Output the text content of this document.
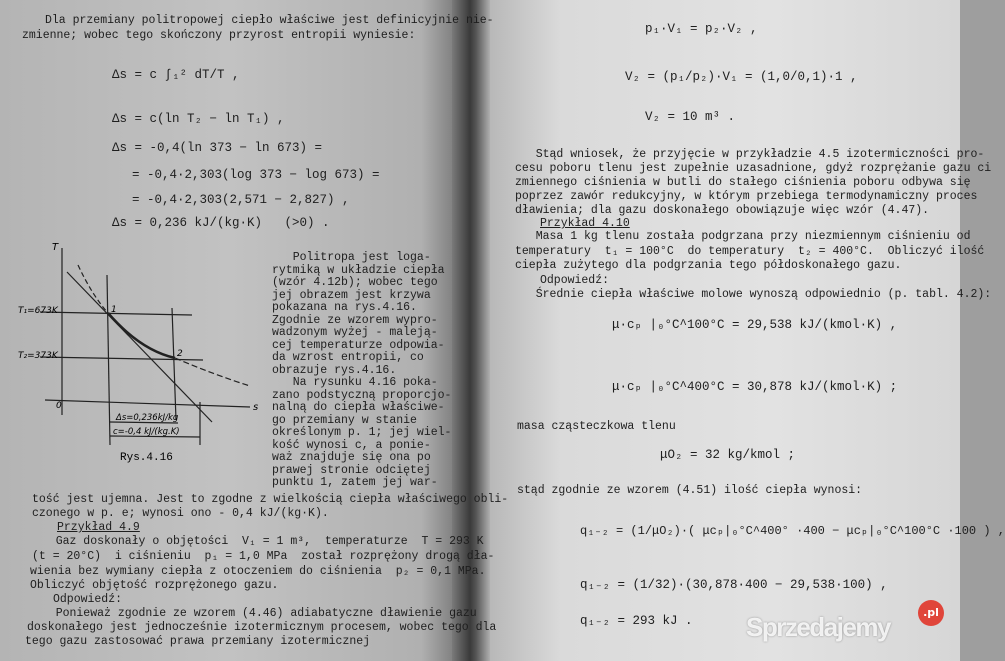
Dla przemiany politropowej ciepło właściwe jest definicyjnie nie-
zmienne; wobec tego skończony przyrost entropii wyniesie:
Δs = c ∫₁² dT/T ,
Δs = c(ln T₂ − ln T₁) ,
Δs = -0,4(ln 373 − ln 673) =
= -0,4·2,303(log 373 − log 673) =
= -0,4·2,303(2,571 − 2,827) ,
Δs = 0,236 kJ/(kg·K)   (>0) .
T
s
0
T₁=673K
T₂=373K
1
2
Δs=0,236kJ/kg
c=-0,4 kJ/(kg.K)
Rys.4.16
Politropa jest loga-
rytmiką w układzie ciepła
(wzór 4.12b); wobec tego
jej obrazem jest krzywa
pokazana na rys.4.16.
Zgodnie ze wzorem wypro-
wadzonym wyżej - maleją-
cej temperaturze odpowia-
da wzrost entropii, co
obrazuje rys.4.16.
Na rysunku 4.16 poka-
zano podstyczną proporcjo-
nalną do ciepła właściwe-
go przemiany w stanie
określonym p. 1; jej wiel-
kość wynosi c, a ponie-
waż znajduje się ona po
prawej stronie odciętej
punktu 1, zatem jej war-
tość jest ujemna. Jest to zgodne z wielkością ciepła właściwego obli-
czonego w p. e; wynosi ono - 0,4 kJ/(kg·K).
Przykład 4.9
Gaz doskonały o objętości  V₁ = 1 m³,  temperaturze  T = 293 K
(t = 20°C)  i ciśnieniu  p₁ = 1,0 MPa  został rozprężony drogą dła-
wienia bez wymiany ciepła z otoczeniem do ciśnienia  p₂ = 0,1 MPa.
Obliczyć objętość rozprężonego gazu.
Odpowiedź:
Ponieważ zgodnie ze wzorem (4.46) adiabatyczne dławienie gazu
doskonałego jest jednocześnie izotermicznym procesem, wobec tego dla
tego gazu zastosować prawa przemiany izotermicznej
p₁·V₁ = p₂·V₂ ,
V₂ = (p₁/p₂)·V₁ = (1,0/0,1)·1 ,
V₂ = 10 m³ .
Stąd wniosek, że przyjęcie w przykładzie 4.5 izotermiczności pro-
cesu poboru tlenu jest zupełnie uzasadnione, gdyż rozprężanie gazu ci
zmiennego ciśnienia w butli do stałego ciśnienia poboru odbywa się
poprzez zawór redukcyjny, w którym przebiega termodynamiczny proces
dławienia; dla gazu doskonałego obowiązuje więc wzór (4.47).
Przykład 4.10
Masa 1 kg tlenu została podgrzana przy niezmiennym ciśnieniu od
temperatury  t₁ = 100°C  do temperatury  t₂ = 400°C.  Obliczyć ilość
ciepła zużytego dla podgrzania tego półdoskonałego gazu.
Odpowiedź:
Średnie ciepła właściwe molowe wynoszą odpowiednio (p. tabl. 4.2):
μ·cₚ |₀°C^100°C = 29,538 kJ/(kmol·K) ,
μ·cₚ |₀°C^400°C = 30,878 kJ/(kmol·K) ;
masa cząsteczkowa tlenu
μO₂ = 32 kg/kmol ;
stąd zgodnie ze wzorem (4.51) ilość ciepła wynosi:
q₁₋₂ = (1/μO₂)·( μcₚ|₀°C^400° ·400 − μcₚ|₀°C^100°C ·100 ) ,
q₁₋₂ = (1/32)·(30,878·400 − 29,538·100) ,
q₁₋₂ = 293 kJ . Sprzedajemy	.pl
